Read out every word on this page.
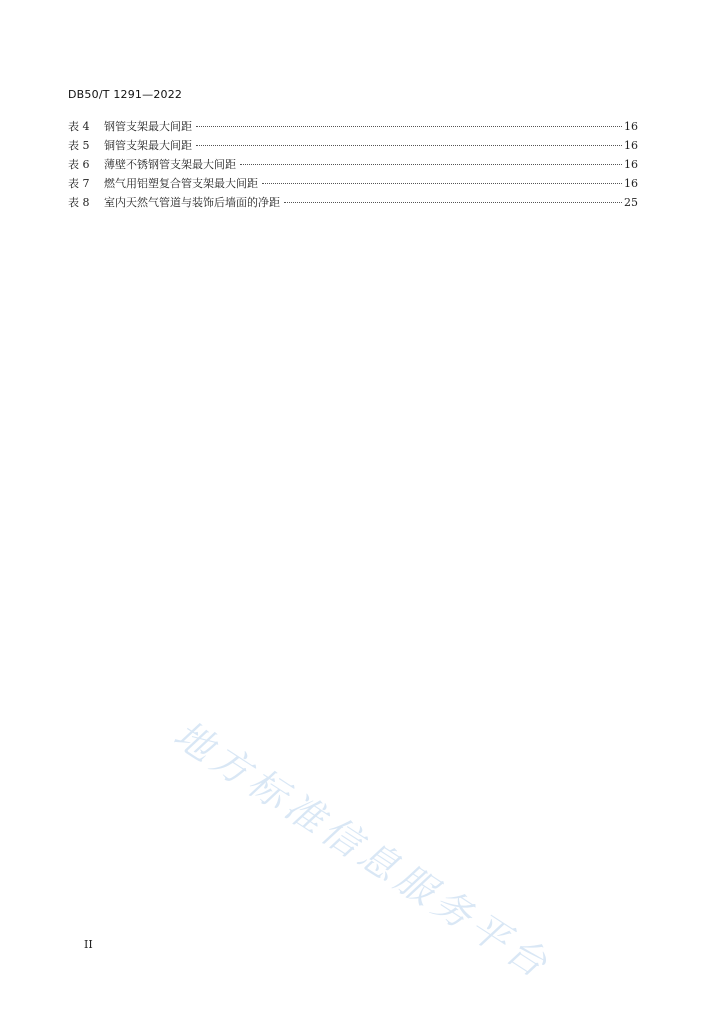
DB50/T 1291—2022
表 4	钢管支架最大间距	16
表 5	铜管支架最大间距	16
表 6	薄壁不锈钢管支架最大间距	16
表 7	燃气用铝塑复合管支架最大间距	16
表 8	室内天然气管道与装饰后墙面的净距	25
地方标准信息服务平台
II
